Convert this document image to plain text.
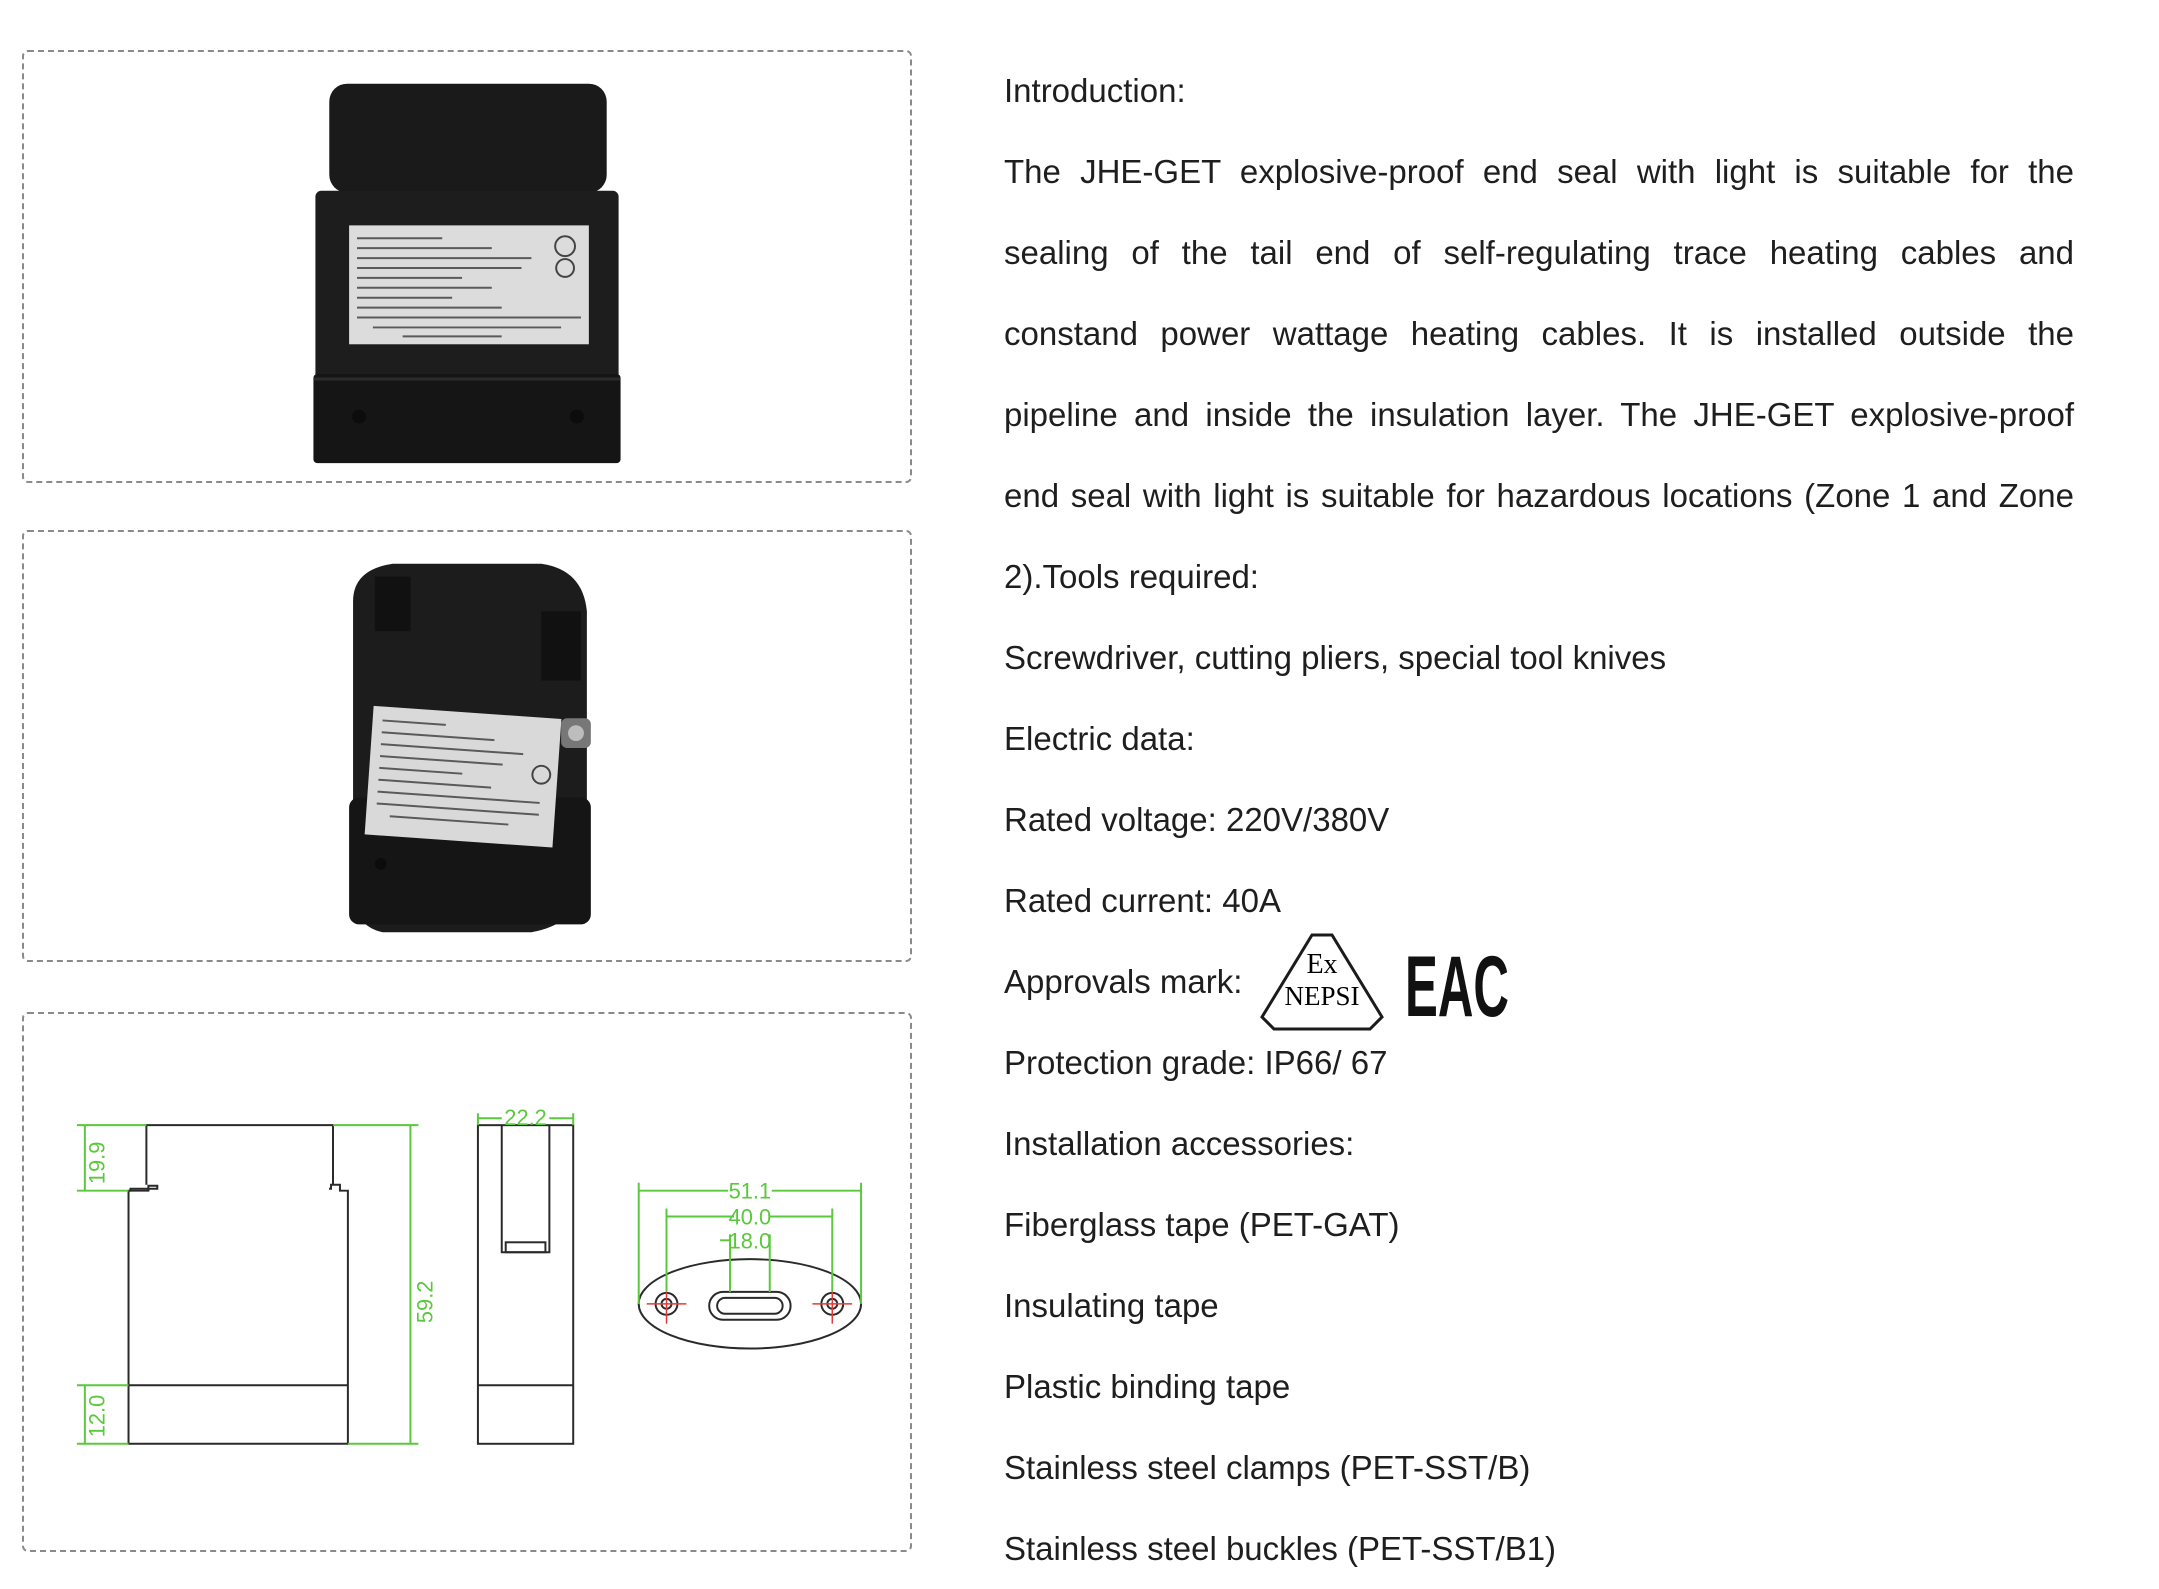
19.9
12.0
59.2
22.2
51.1
40.0
18.0

Introduction:

The JHE-GET explosive-proof end seal with light is suitable for the sealing of the tail end of self-regulating trace heating cables and constand power wattage heating cables. It is installed outside the pipeline and inside the insulation layer. The JHE-GET explosive-proof end seal with light is suitable for hazardous locations (Zone 1 and Zone 2).Tools required:

Screwdriver, cutting pliers, special tool knives

Electric data:

Rated voltage: 220V/380V

Rated current: 40A

Approvals mark: Ex
NEPSI EAC

Protection grade: IP66/ 67

Installation accessories:

Fiberglass tape (PET-GAT)

Insulating tape

Plastic binding tape

Stainless steel clamps (PET-SST/B)

Stainless steel buckles (PET-SST/B1)
